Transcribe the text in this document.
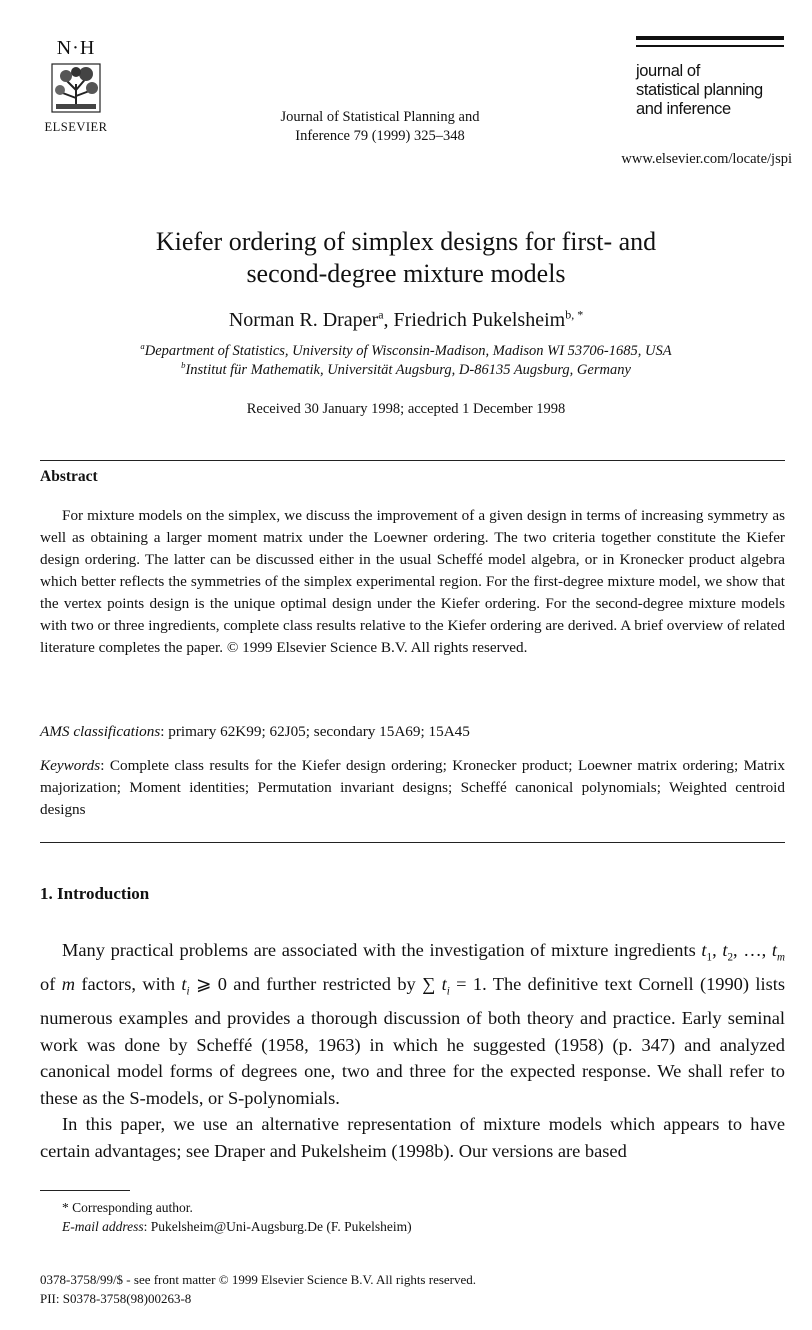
N·H
ELSEVIER
Journal of Statistical Planning and
Inference 79 (1999) 325–348
journal of
statistical planning
and inference
www.elsevier.com/locate/jspi
Kiefer ordering of simplex designs for first- and
second-degree mixture models
Norman R. Draper$^a$, Friedrich Pukelsheim$^{b, *}$
$^a$Department of Statistics, University of Wisconsin-Madison, Madison WI 53706-1685, USA
$^b$Institut für Mathematik, Universität Augsburg, D-86135 Augsburg, Germany
Received 30 January 1998; accepted 1 December 1998
Abstract

For mixture models on the simplex, we discuss the improvement of a given design in terms of increasing symmetry as well as obtaining a larger moment matrix under the Loewner ordering. The two criteria together constitute the Kiefer design ordering. The latter can be discussed either in the usual Scheffé model algebra, or in Kronecker product algebra which better reflects the symmetries of the simplex experimental region. For the first-degree mixture model, we show that the vertex points design is the unique optimal design under the Kiefer ordering. For the second-degree mixture models with two or three ingredients, complete class results relative to the Kiefer ordering are derived. A brief overview of related literature completes the paper. © 1999 Elsevier Science B.V. All rights reserved.

AMS classifications: primary 62K99; 62J05; secondary 15A69; 15A45
Keywords: Complete class results for the Kiefer design ordering; Kronecker product; Loewner matrix ordering; Matrix majorization; Moment identities; Permutation invariant designs; Scheffé canonical polynomials; Weighted centroid designs
1. Introduction

Many practical problems are associated with the investigation of mixture ingredients $t_1$, $t_2$, …, $t_m$ of m factors, with $t_i$ ⩾ 0 and further restricted by ∑ $t_i = 1$. The definitive text Cornell (1990) lists numerous examples and provides a thorough discussion of both theory and practice. Early seminal work was done by Scheffé (1958, 1963) in which he suggested (1958) (p. 347) and analyzed canonical model forms of degrees one, two and three for the expected response. We shall refer to these as the S-models, or S-polynomials.

In this paper, we use an alternative representation of mixture models which appears to have certain advantages; see Draper and Pukelsheim (1998b). Our versions are based

* Corresponding author.

E-mail address: Pukelsheim@Uni-Augsburg.De (F. Pukelsheim)

0378-3758/99/$ - see front matter © 1999 Elsevier Science B.V. All rights reserved.
PII: S0378-3758(98)00263-8
